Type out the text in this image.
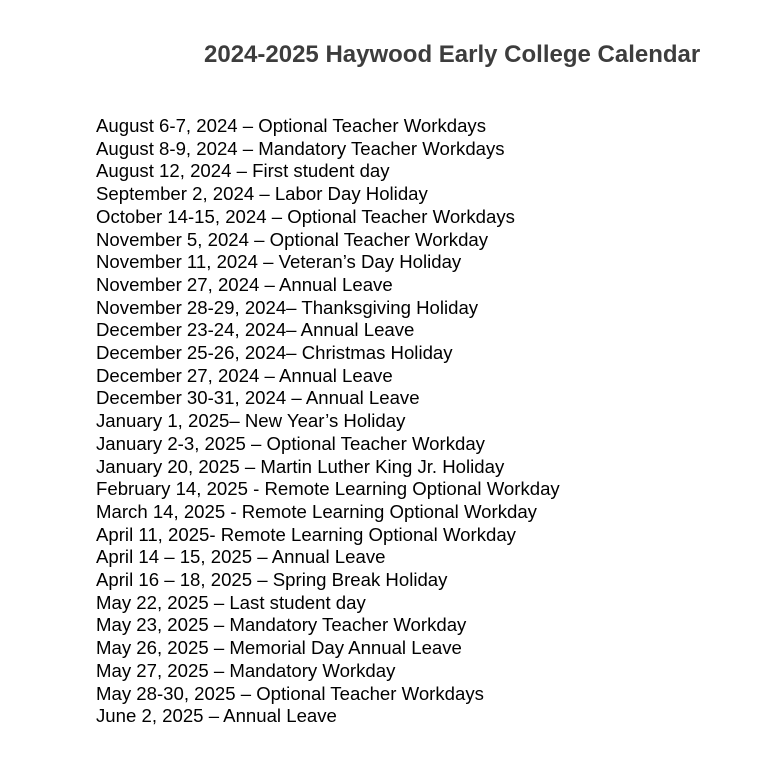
2024-2025 Haywood Early College Calendar
August 6-7, 2024 – Optional Teacher Workdays
August 8-9, 2024 – Mandatory Teacher Workdays
August 12, 2024 – First student day
September 2, 2024 – Labor Day Holiday
October 14-15, 2024 – Optional Teacher Workdays
November 5, 2024 – Optional Teacher Workday
November 11, 2024 – Veteran’s Day Holiday
November 27, 2024 – Annual Leave
November 28-29, 2024– Thanksgiving Holiday
December 23-24, 2024– Annual Leave
December 25-26, 2024– Christmas Holiday
December 27, 2024 – Annual Leave
December 30-31, 2024 – Annual Leave
January 1, 2025– New Year’s Holiday
January 2-3, 2025 – Optional Teacher Workday
January 20, 2025 – Martin Luther King Jr. Holiday
February 14, 2025 - Remote Learning Optional Workday
March 14, 2025 - Remote Learning Optional Workday
April 11, 2025- Remote Learning Optional Workday
April 14 – 15, 2025 – Annual Leave
April 16 – 18, 2025 – Spring Break Holiday
May 22, 2025 – Last student day
May 23, 2025 – Mandatory Teacher Workday
May 26, 2025 – Memorial Day Annual Leave
May 27, 2025 – Mandatory Workday
May 28-30, 2025 – Optional Teacher Workdays
June 2, 2025 – Annual Leave
